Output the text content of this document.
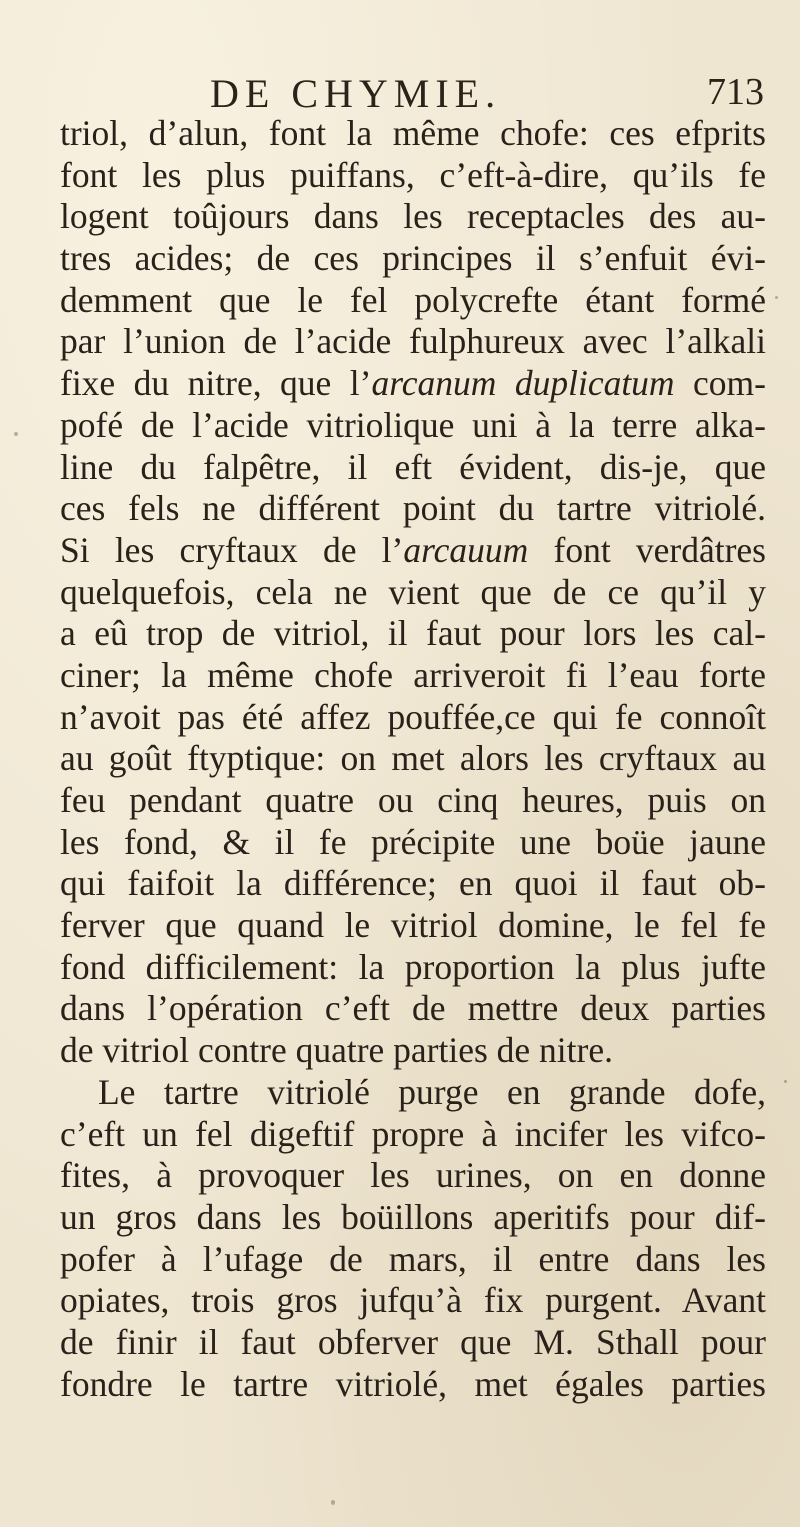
DE CHYMIE.	713
triol, d’alun, font la même chofe: ces efprits
font les plus puiffans, c’eft-à-dire, qu’ils fe
logent toûjours dans les receptacles des au-
tres acides; de ces principes il s’enfuit évi-
demment que le fel polycrefte étant formé
par l’union de l’acide fulphureux avec l’alkali
fixe du nitre, que l’arcanum duplicatum com-
pofé de l’acide vitriolique uni à la terre alka-
line du falpêtre, il eft évident, dis-je, que
ces fels ne différent point du tartre vitriolé.
Si les cryftaux de l’arcauum font verdâtres
quelquefois, cela ne vient que de ce qu’il y
a eû trop de vitriol, il faut pour lors les cal-
ciner; la même chofe arriveroit fi l’eau forte
n’avoit pas été affez pouffée,ce qui fe connoît
au goût ftyptique: on met alors les cryftaux au
feu pendant quatre ou cinq heures, puis on
les fond, & il fe précipite une boüe jaune
qui faifoit la différence; en quoi il faut ob-
ferver que quand le vitriol domine, le fel fe
fond difficilement: la proportion la plus jufte
dans l’opération c’eft de mettre deux parties
de vitriol contre quatre parties de nitre.
Le tartre vitriolé purge en grande dofe,
c’eft un fel digeftif propre à incifer les vifco-
fites, à provoquer les urines, on en donne
un gros dans les boüillons aperitifs pour dif-
pofer à l’ufage de mars, il entre dans les
opiates, trois gros jufqu’à fix purgent. Avant
de finir il faut obferver que M. Sthall pour
fondre le tartre vitriolé, met égales parties
